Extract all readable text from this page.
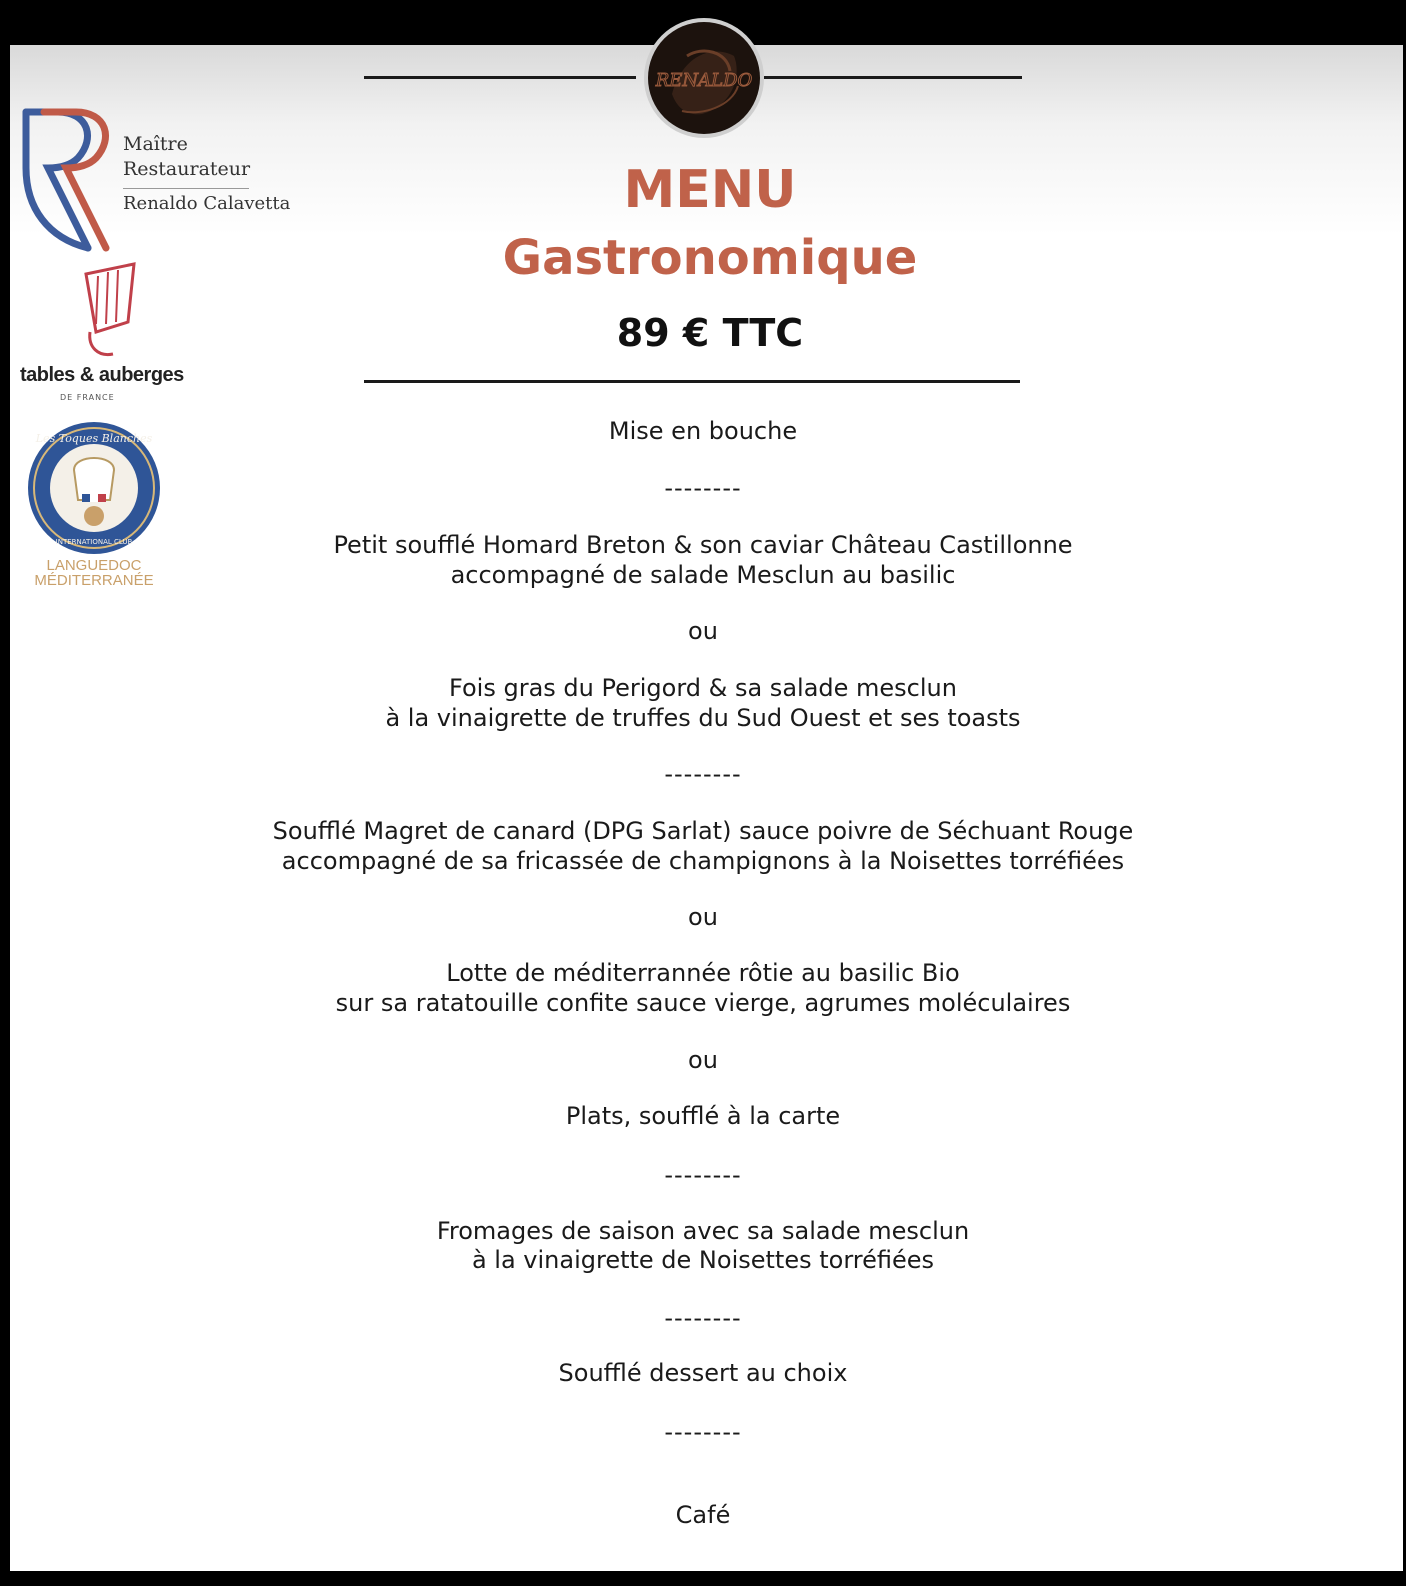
RENALDO
MENU
Gastronomique
89 € TTC
Maître
Restaurateur
Renaldo Calavetta
tables & auberges
DE FRANCE
Les Toques Blanches
INTERNATIONAL CLUB
LANGUEDOC
MÉDITERRANÉE
Mise en bouche
--------
Petit soufflé Homard Breton & son caviar Château Castillonne
accompagné de salade Mesclun au basilic
ou
Fois gras du Perigord & sa salade mesclun
à la vinaigrette de truffes du Sud Ouest et ses toasts
--------
Soufflé Magret de canard (DPG Sarlat) sauce poivre de Séchuant Rouge
accompagné de sa fricassée de champignons à la Noisettes torréfiées
ou
Lotte de méditerrannée rôtie au basilic Bio
sur sa ratatouille confite sauce vierge, agrumes moléculaires
ou
Plats, soufflé à la carte
--------
Fromages de saison avec sa salade mesclun
à la vinaigrette de Noisettes torréfiées
--------
Soufflé dessert au choix
--------
Café
